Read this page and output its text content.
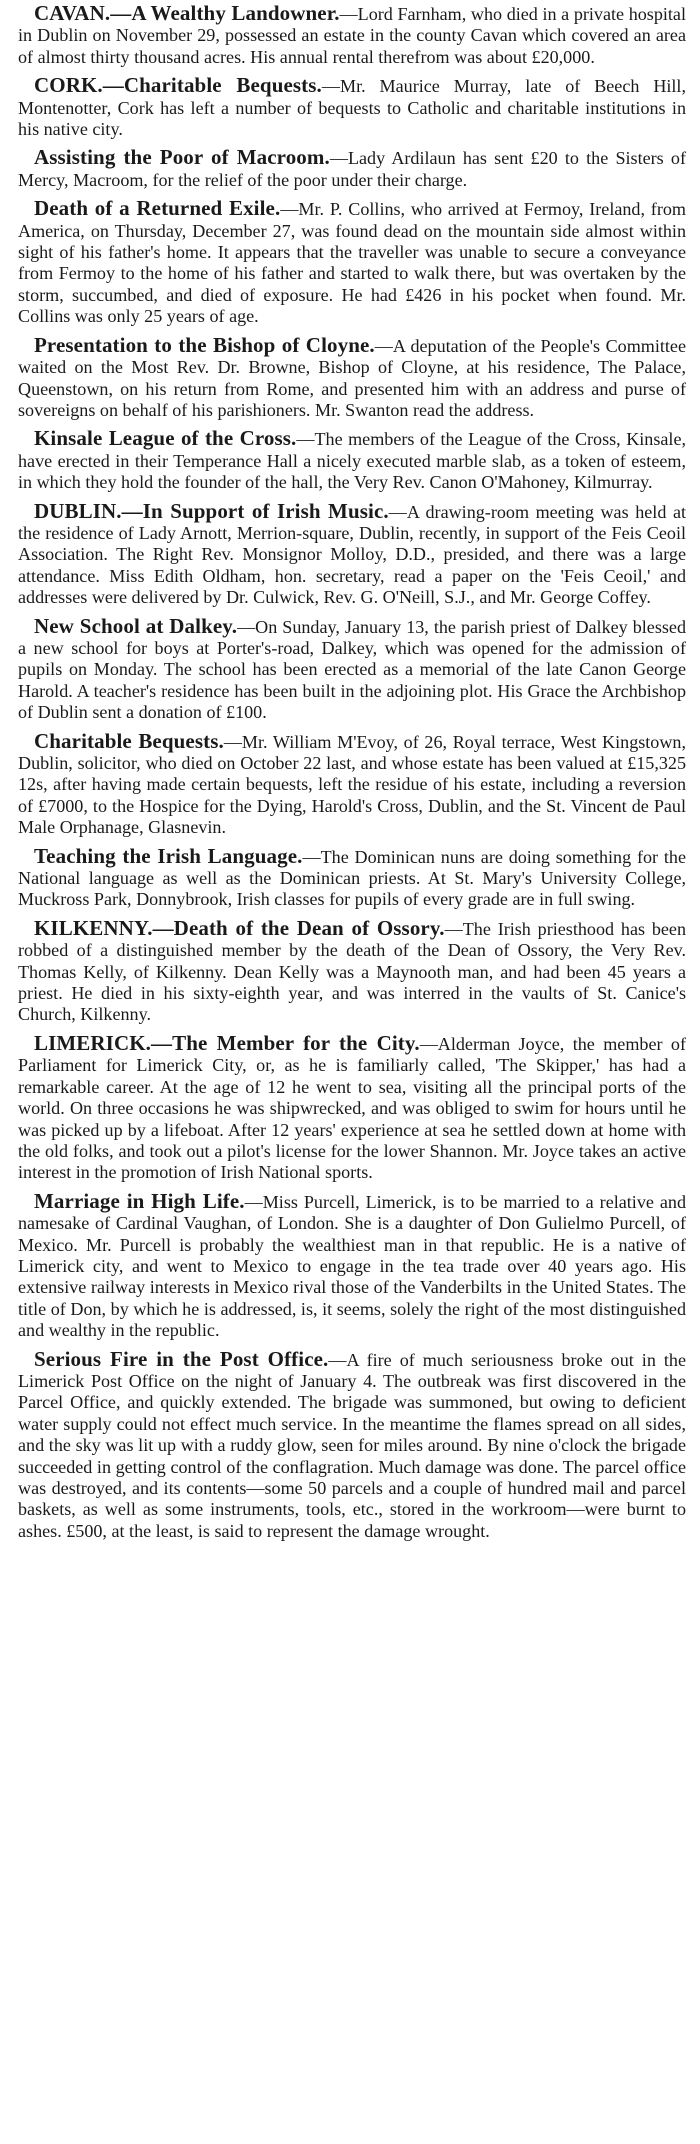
CAVAN.—A Wealthy Landowner.—Lord Farnham, who died in a private hospital in Dublin on November 29, possessed an estate in the county Cavan which covered an area of almost thirty thousand acres. His annual rental therefrom was about £20,000.

CORK.—Charitable Bequests.—Mr. Maurice Murray, late of Beech Hill, Montenotter, Cork has left a number of bequests to Catholic and charitable institutions in his native city.

Assisting the Poor of Macroom.—Lady Ardilaun has sent £20 to the Sisters of Mercy, Macroom, for the relief of the poor under their charge.

Death of a Returned Exile.—Mr. P. Collins, who arrived at Fermoy, Ireland, from America, on Thursday, December 27, was found dead on the mountain side almost within sight of his father's home. It appears that the traveller was unable to secure a conveyance from Fermoy to the home of his father and started to walk there, but was overtaken by the storm, succumbed, and died of exposure. He had £426 in his pocket when found. Mr. Collins was only 25 years of age.

Presentation to the Bishop of Cloyne.—A deputation of the People's Committee waited on the Most Rev. Dr. Browne, Bishop of Cloyne, at his residence, The Palace, Queenstown, on his return from Rome, and presented him with an address and purse of sovereigns on behalf of his parishioners. Mr. Swanton read the address.

Kinsale League of the Cross.—The members of the League of the Cross, Kinsale, have erected in their Temperance Hall a nicely executed marble slab, as a token of esteem, in which they hold the founder of the hall, the Very Rev. Canon O'Mahoney, Kilmurray.

DUBLIN.—In Support of Irish Music.—A drawing-room meeting was held at the residence of Lady Arnott, Merrion-square, Dublin, recently, in support of the Feis Ceoil Association. The Right Rev. Monsignor Molloy, D.D., presided, and there was a large attendance. Miss Edith Oldham, hon. secretary, read a paper on the 'Feis Ceoil,' and addresses were delivered by Dr. Culwick, Rev. G. O'Neill, S.J., and Mr. George Coffey.

New School at Dalkey.—On Sunday, January 13, the parish priest of Dalkey blessed a new school for boys at Porter's-road, Dalkey, which was opened for the admission of pupils on Monday. The school has been erected as a memorial of the late Canon George Harold. A teacher's residence has been built in the adjoining plot. His Grace the Archbishop of Dublin sent a donation of £100.

Charitable Bequests.—Mr. William M'Evoy, of 26, Royal terrace, West Kingstown, Dublin, solicitor, who died on October 22 last, and whose estate has been valued at £15,325 12s, after having made certain bequests, left the residue of his estate, including a reversion of £7000, to the Hospice for the Dying, Harold's Cross, Dublin, and the St. Vincent de Paul Male Orphanage, Glasnevin.

Teaching the Irish Language.—The Dominican nuns are doing something for the National language as well as the Dominican priests. At St. Mary's University College, Muckross Park, Donnybrook, Irish classes for pupils of every grade are in full swing.

KILKENNY.—Death of the Dean of Ossory.—The Irish priesthood has been robbed of a distinguished member by the death of the Dean of Ossory, the Very Rev. Thomas Kelly, of Kilkenny. Dean Kelly was a Maynooth man, and had been 45 years a priest. He died in his sixty-eighth year, and was interred in the vaults of St. Canice's Church, Kilkenny.

LIMERICK.—The Member for the City.—Alderman Joyce, the member of Parliament for Limerick City, or, as he is familiarly called, 'The Skipper,' has had a remarkable career. At the age of 12 he went to sea, visiting all the principal ports of the world. On three occasions he was shipwrecked, and was obliged to swim for hours until he was picked up by a lifeboat. After 12 years' experience at sea he settled down at home with the old folks, and took out a pilot's license for the lower Shannon. Mr. Joyce takes an active interest in the promotion of Irish National sports.

Marriage in High Life.—Miss Purcell, Limerick, is to be married to a relative and namesake of Cardinal Vaughan, of London. She is a daughter of Don Gulielmo Purcell, of Mexico. Mr. Purcell is probably the wealthiest man in that republic. He is a native of Limerick city, and went to Mexico to engage in the tea trade over 40 years ago. His extensive railway interests in Mexico rival those of the Vanderbilts in the United States. The title of Don, by which he is addressed, is, it seems, solely the right of the most distinguished and wealthy in the republic.

Serious Fire in the Post Office.—A fire of much seriousness broke out in the Limerick Post Office on the night of January 4. The outbreak was first discovered in the Parcel Office, and quickly extended. The brigade was summoned, but owing to deficient water supply could not effect much service. In the meantime the flames spread on all sides, and the sky was lit up with a ruddy glow, seen for miles around. By nine o'clock the brigade succeeded in getting control of the conflagration. Much damage was done. The parcel office was destroyed, and its contents—some 50 parcels and a couple of hundred mail and parcel baskets, as well as some instruments, tools, etc., stored in the workroom—were burnt to ashes. £500, at the least, is said to represent the damage wrought.
